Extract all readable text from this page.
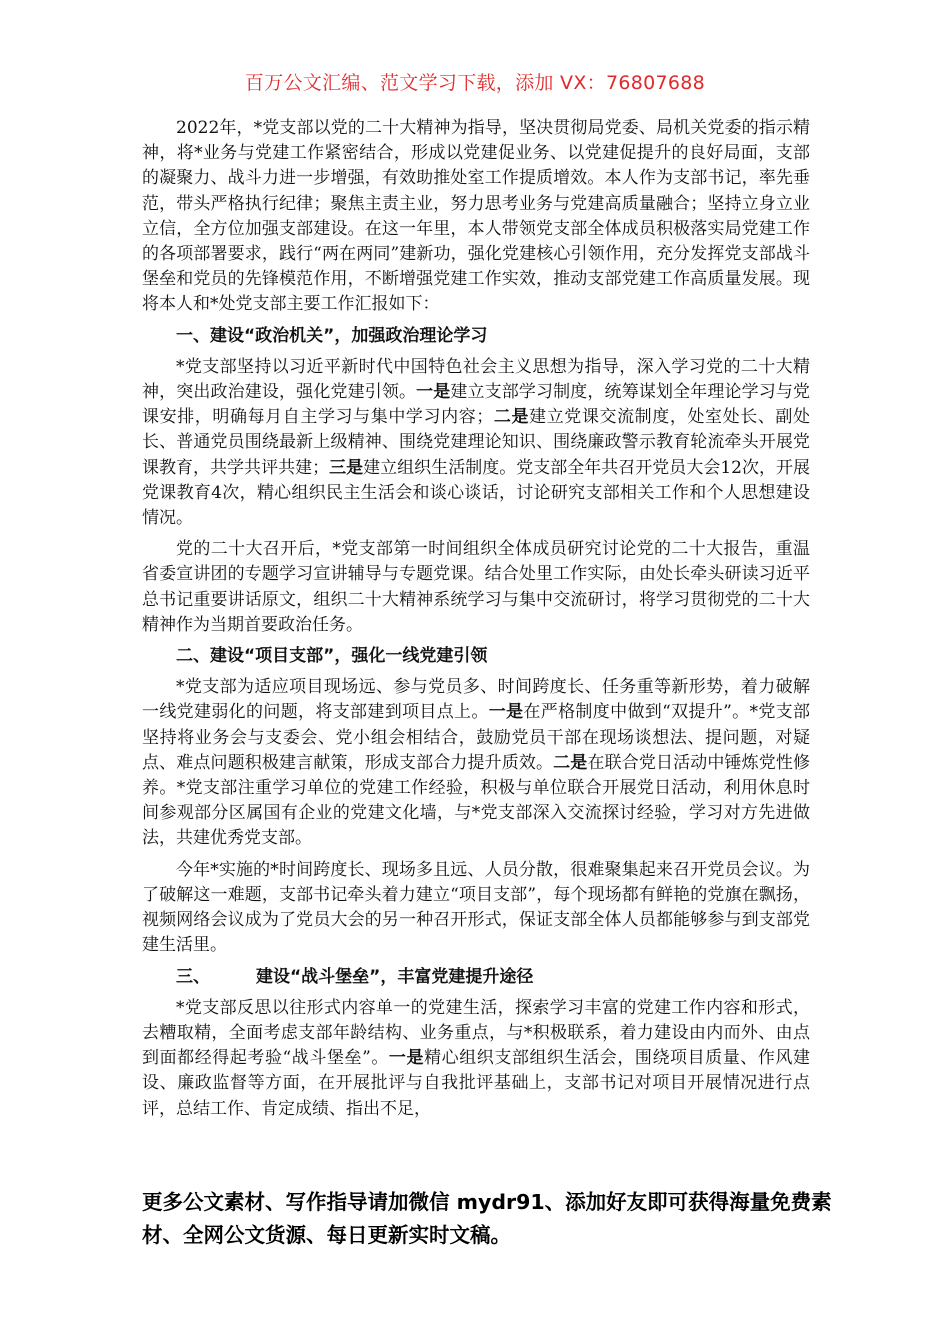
百万公文汇编、范文学习下载，添加 VX：76807688

2022年，*党支部以党的二十大精神为指导，坚决贯彻局党委、局机关党委的指示精神，将*业务与党建工作紧密结合，形成以党建促业务、以党建促提升的良好局面，支部的凝聚力、战斗力进一步增强，有效助推处室工作提质增效。本人作为支部书记，率先垂范，带头严格执行纪律；聚焦主责主业，努力思考业务与党建高质量融合；坚持立身立业立信，全方位加强支部建设。在这一年里，本人带领党支部全体成员积极落实局党建工作的各项部署要求，践行“两在两同”建新功，强化党建核心引领作用，充分发挥党支部战斗堡垒和党员的先锋模范作用，不断增强党建工作实效，推动支部党建工作高质量发展。现将本人和*处党支部主要工作汇报如下：

一、建设“政治机关”，加强政治理论学习

*党支部坚持以习近平新时代中国特色社会主义思想为指导，深入学习党的二十大精神，突出政治建设，强化党建引领。一是建立支部学习制度，统筹谋划全年理论学习与党课安排，明确每月自主学习与集中学习内容；二是建立党课交流制度，处室处长、副处长、普通党员围绕最新上级精神、围绕党建理论知识、围绕廉政警示教育轮流牵头开展党课教育，共学共评共建；三是建立组织生活制度。党支部全年共召开党员大会12次，开展党课教育4次，精心组织民主生活会和谈心谈话，讨论研究支部相关工作和个人思想建设情况。

党的二十大召开后，*党支部第一时间组织全体成员研究讨论党的二十大报告，重温省委宣讲团的专题学习宣讲辅导与专题党课。结合处里工作实际，由处长牵头研读习近平总书记重要讲话原文，组织二十大精神系统学习与集中交流研讨，将学习贯彻党的二十大精神作为当期首要政治任务。

二、建设“项目支部”，强化一线党建引领

*党支部为适应项目现场远、参与党员多、时间跨度长、任务重等新形势，着力破解一线党建弱化的问题，将支部建到项目点上。一是在严格制度中做到“双提升”。*党支部坚持将业务会与支委会、党小组会相结合，鼓励党员干部在现场谈想法、提问题，对疑点、难点问题积极建言献策，形成支部合力提升质效。二是在联合党日活动中锤炼党性修养。*党支部注重学习单位的党建工作经验，积极与单位联合开展党日活动，利用休息时间参观部分区属国有企业的党建文化墙，与*党支部深入交流探讨经验，学习对方先进做法，共建优秀党支部。

今年*实施的*时间跨度长、现场多且远、人员分散，很难聚集起来召开党员会议。为了破解这一难题，支部书记牵头着力建立“项目支部”，每个现场都有鲜艳的党旗在飘扬，视频网络会议成为了党员大会的另一种召开形式，保证支部全体人员都能够参与到支部党建生活里。

三、	建设“战斗堡垒”，丰富党建提升途径

*党支部反思以往形式内容单一的党建生活，探索学习丰富的党建工作内容和形式，去糟取精，全面考虑支部年龄结构、业务重点，与*积极联系，着力建设由内而外、由点到面都经得起考验“战斗堡垒”。一是精心组织支部组织生活会，围绕项目质量、作风建设、廉政监督等方面，在开展批评与自我批评基础上，支部书记对项目开展情况进行点评，总结工作、肯定成绩、指出不足，

更多公文素材、写作指导请加微信 mydr91、添加好友即可获得海量免费素材、全网公文货源、每日更新实时文稿。
